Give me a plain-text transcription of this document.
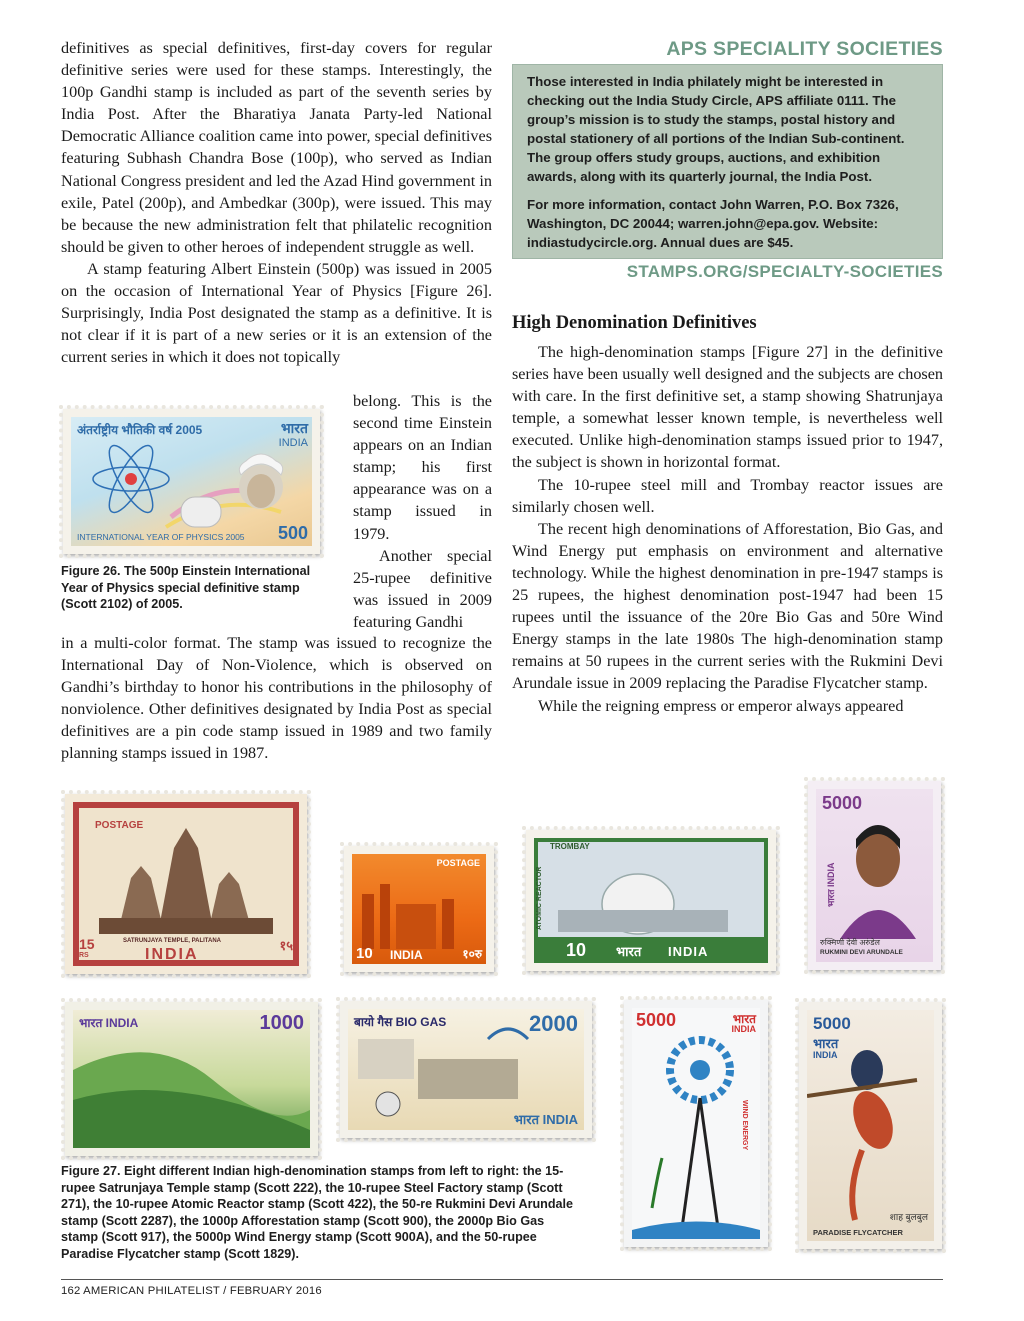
definitives as special definitives, first-day covers for regular definitive series were used for these stamps. Interestingly, the 100p Gandhi stamp is included as part of the seventh series by India Post. After the Bharatiya Janata Party-led National Democratic Alliance coalition came into power, special definitives featuring Subhash Chandra Bose (100p), who served as Indian National Congress president and led the Azad Hind government in exile, Patel (200p), and Ambedkar (300p), were issued. This may be because the new administration felt that philatelic recognition should be given to other heroes of independent struggle as well.

A stamp featuring Albert Einstein (500p) was issued in 2005 on the occasion of International Year of Physics [Figure 26]. Surprisingly, India Post designated the stamp as a definitive. It is not clear if it is part of a new series or it is an extension of the current series in which it does not topically

belong. This is the second time Einstein appears on an Indian stamp; his first appearance was on a stamp issued in 1979.

Another special 25-rupee definitive was issued in 2009 featuring Gandhi

in a multi-color format. The stamp was issued to recognize the International Day of Non-Violence, which is observed on Gandhi’s birthday to honor his contributions in the philosophy of nonviolence. Other definitives designated by India Post as special definitives are a pin code stamp issued in 1989 and two family planning stamps issued in 1987.

अंतर्राष्ट्रीय भौतिकी वर्ष 2005	भारत
INDIA
INTERNATIONAL YEAR OF PHYSICS 2005 500
Figure 26. The 500p Einstein International Year of Physics special definitive stamp (Scott 2102) of 2005.
APS SPECIALITY SOCIETIES

Those interested in India philately might be interested in checking out the India Study Circle, APS affiliate 0111. The group’s mission is to study the stamps, postal history and postal stationery of all portions of the Indian Sub-continent. The group offers study groups, auctions, and exhibition awards, along with its quarterly journal, the India Post.

For more information, contact John Warren, P.O. Box 7326, Washington, DC 20044; warren.john@epa.gov. Website: indiastudycircle.org. Annual dues are $45.

STAMPS.ORG/SPECIALTY-SOCIETIES
High Denomination Definitives

The high-denomination stamps [Figure 27] in the definitive series have been usually well designed and the subjects are chosen with care. In the first definitive set, a stamp showing Shatrunjaya temple, a somewhat lesser known temple, is nevertheless well executed. Unlike high-denomination stamps issued prior to 1947, the subject is shown in horizontal format.

The 10-rupee steel mill and Trombay reactor issues are similarly chosen well.

The recent high denominations of Afforestation, Bio Gas, and Wind Energy put emphasis on environment and alternative technology. While the highest denomination in pre-1947 stamps is 25 rupees, the highest denomination post-1947 had been 15 rupees until the issuance of the 20re Bio Gas and 50re Wind Energy stamps in the late 1980s The high-denomination stamp remains at 50 rupees in the current series with the Rukmini Devi Arundale issue in 2009 replacing the Paradise Flycatcher stamp.

While the reigning empress or emperor always appeared

POSTAGE
15
RS
SATRUNJAYA TEMPLE, PALITANA
INDIA
१५
POSTAGE
10 INDIA	१०रु
TROMBAY
ATOMIC REACTOR
10 भारत INDIA
5000
भारत INDIA
रुक्मिणी देवी अरुंडेल
RUKMINI DEVI ARUNDALE
भारत INDIA	1000	बायो गैस BIO GAS	2000
भारत INDIA
5000	भारत
INDIA
WIND ENERGY
5000
भारत
INDIA
शाह बुलबुल
PARADISE FLYCATCHER
Figure 27. Eight different Indian high-denomination stamps from left to right: the 15-rupee Satrunjaya Temple stamp (Scott 222), the 10-rupee Steel Factory stamp (Scott 271), the 10-rupee Atomic Reactor stamp (Scott 422), the 50-re Rukmini Devi Arundale stamp (Scott 2287), the 1000p Afforestation stamp (Scott 900), the 2000p Bio Gas stamp (Scott 917), the 5000p Wind Energy stamp (Scott 900A), and the 50-rupee Paradise Flycatcher stamp (Scott 1829).
162 AMERICAN PHILATELIST / FEBRUARY 2016
